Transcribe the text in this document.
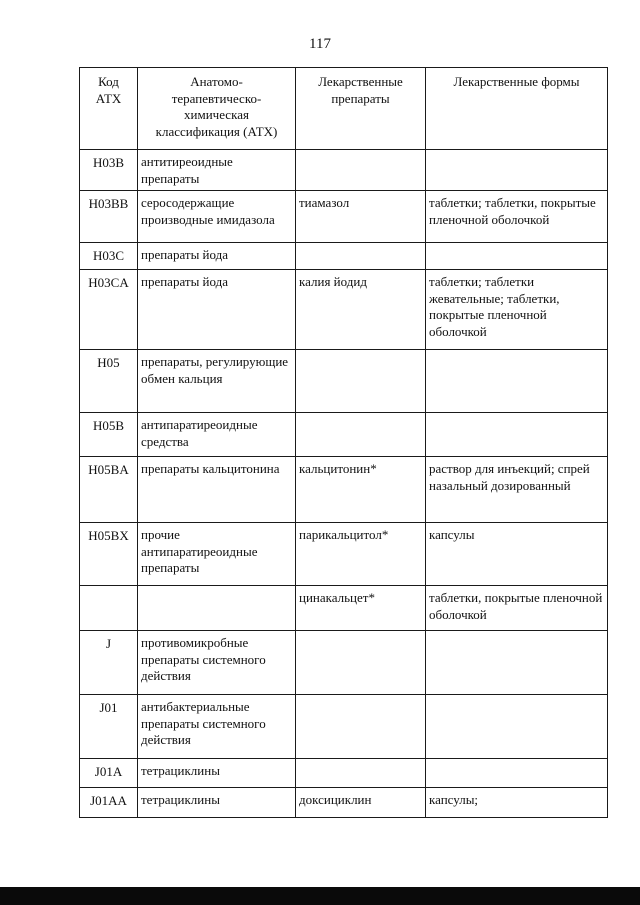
117
Код АТХ	Анатомо-терапевтическо-химическая классификация (АТХ)	Лекарственные препараты	Лекарственные формы
H03B	антитиреоидные препараты		
H03BB	серосодержащие производные имидазола	тиамазол	таблетки; таблетки, покрытые пленочной оболочкой
H03C	препараты йода		
H03CA	препараты йода	калия йодид	таблетки; таблетки жевательные; таблетки, покрытые пленочной оболочкой
H05	препараты, регулирующие обмен кальция		
H05B	антипаратиреоидные средства		
H05BA	препараты кальцитонина	кальцитонин*	раствор для инъекций; спрей назальный дозированный
H05BX	прочие антипаратиреоидные препараты	парикальцитол*	капсулы
		цинакальцет*	таблетки, покрытые пленочной оболочкой
J	противомикробные препараты системного действия		
J01	антибактериальные препараты системного действия		
J01A	тетрациклины		
J01AA	тетрациклины	доксициклин	капсулы;
